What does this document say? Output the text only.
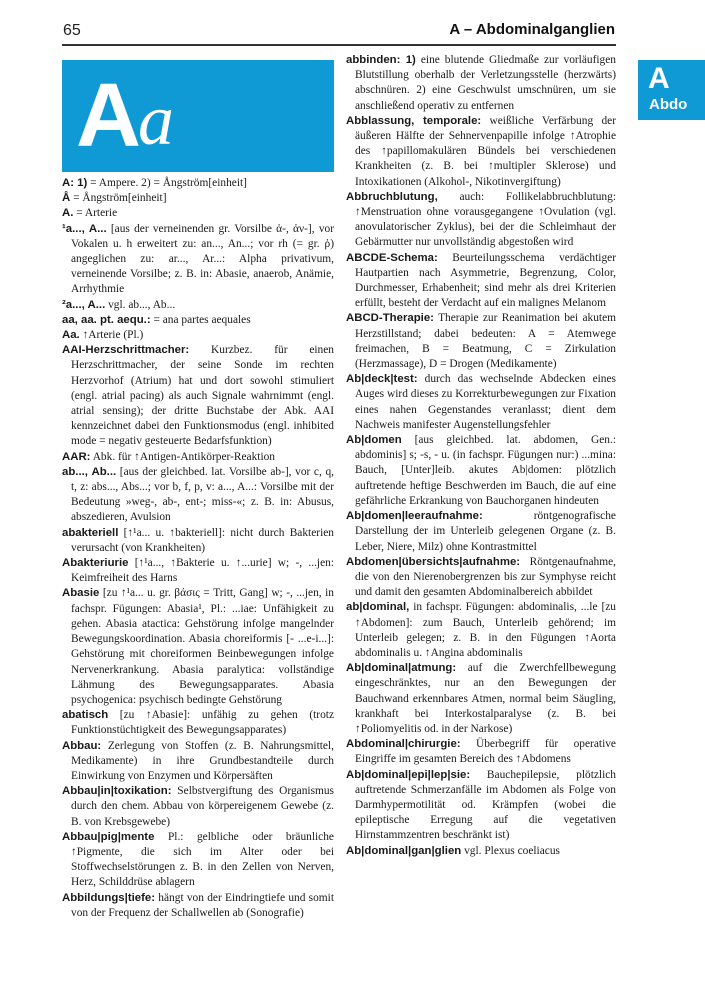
65	A – Abdominalganglien
A
Abdo
A
a

A: 1) = Ampere. 2) = Ångström[einheit]

Å = Ångström[einheit]

A. = Arterie

¹a..., A... [aus der verneinenden gr. Vorsilbe ἀ-, ἀν-], vor Vokalen u. h erweitert zu: an..., An...; vor rh (= gr. ῥ) angeglichen zu: ar..., Ar...: Alpha privativum, verneinende Vorsilbe; z. B. in: Abasie, anaerob, Anämie, Arrhythmie

²a..., A... vgl. ab..., Ab...

aa, aa. pt. aequ.: = ana partes aequales

Aa. ↑Arterie (Pl.)

AAI-Herzschrittmacher: Kurzbez. für einen Herzschrittmacher, der seine Sonde im rechten Herzvorhof (Atrium) hat und dort sowohl stimuliert (engl. atrial pacing) als auch Signale wahrnimmt (engl. atrial sensing); der dritte Buchstabe der Abk. AAI kennzeichnet dabei den Funktionsmodus (engl. inhibited mode = negativ gesteuerte Bedarfsfunktion)

AAR: Abk. für ↑Antigen-Antikörper-Reaktion

ab..., Ab... [aus der gleichbed. lat. Vorsilbe ab-], vor c, q, t, z: abs..., Abs...; vor b, f, p, v: a..., A...: Vorsilbe mit der Bedeutung »weg-, ab-, ent-; miss-«; z. B. in: Abusus, abszedieren, Avulsion

abakteriell [↑¹a... u. ↑bakteriell]: nicht durch Bakterien verursacht (von Krankheiten)

Abakteriurie [↑¹a..., ↑Bakterie u. ↑...urie] w; -, ...jen: Keimfreiheit des Harns

Abasie [zu ↑¹a... u. gr. βάσις = Tritt, Gang] w; -, ...jen, in fachspr. Fügungen: Abasia¹, Pl.: ...iae: Unfähigkeit zu gehen. Abasia atactica: Gehstörung infolge mangelnder Bewegungskoordination. Abasia choreiformis [- ...e-i...]: Gehstörung mit choreiformen Beinbewegungen infolge Nervenerkrankung. Abasia paralytica: vollständige Lähmung des Bewegungsapparates. Abasia psychogenica: psychisch bedingte Gehstörung

abatisch [zu ↑Abasie]: unfähig zu gehen (trotz Funktionstüchtigkeit des Bewegungsapparates)

Abbau: Zerlegung von Stoffen (z. B. Nahrungsmittel, Medikamente) in ihre Grundbestandteile durch Einwirkung von Enzymen und Körpersäften

Abbau|in|toxikation: Selbstvergiftung des Organismus durch den chem. Abbau von körpereigenem Gewebe (z. B. von Krebsgewebe)

Abbau|pig|mente Pl.: gelbliche oder bräunliche ↑Pigmente, die sich im Alter oder bei Stoffwechselstörungen z. B. in den Zellen von Nerven, Herz, Schilddrüse ablagern

Abbildungs|tiefe: hängt von der Eindringtiefe und somit von der Frequenz der Schallwellen ab (Sonografie)

abbinden: 1) eine blutende Gliedmaße zur vorläufigen Blutstillung oberhalb der Verletzungsstelle (herzwärts) abschnüren. 2) eine Geschwulst umschnüren, um sie anschließend operativ zu entfernen

Abblassung, temporale: weißliche Verfärbung der äußeren Hälfte der Sehnervenpapille infolge ↑Atrophie des ↑papillomakulären Bündels bei verschiedenen Krankheiten (z. B. bei ↑multipler Sklerose) und Intoxikationen (Alkohol-, Nikotinvergiftung)

Abbruchblutung, auch: Follikelabbruchblutung: ↑Menstruation ohne vorausgegangene ↑Ovulation (vgl. anovulatorischer Zyklus), bei der die Schleimhaut der Gebärmutter nur unvollständig abgestoßen wird

ABCDE-Schema: Beurteilungsschema verdächtiger Hautpartien nach Asymmetrie, Begrenzung, Color, Durchmesser, Erhabenheit; sind mehr als drei Kriterien erfüllt, besteht der Verdacht auf ein malignes Melanom

ABCD-Therapie: Therapie zur Reanimation bei akutem Herzstillstand; dabei bedeuten: A = Atemwege freimachen, B = Beatmung, C = Zirkulation (Herzmassage), D = Drogen (Medikamente)

Ab|deck|test: durch das wechselnde Abdecken eines Auges wird dieses zu Korrekturbewegungen zur Fixation eines nahen Gegenstandes veranlasst; dient dem Nachweis manifester Augenstellungsfehler

Ab|domen [aus gleichbed. lat. abdomen, Gen.: abdominis] s; -s, - u. (in fachspr. Fügungen nur:) ...mina: Bauch, [Unter]leib. akutes Ab|domen: plötzlich auftretende heftige Beschwerden im Bauch, die auf eine gefährliche Erkrankung von Bauchorganen hindeuten

Ab|domen|leeraufnahme: röntgenografische Darstellung der im Unterleib gelegenen Organe (z. B. Leber, Niere, Milz) ohne Kontrastmittel

Abdomen|übersichts|aufnahme: Röntgenaufnahme, die von den Nierenobergrenzen bis zur Symphyse reicht und damit den gesamten Abdominalbereich abbildet

ab|dominal, in fachspr. Fügungen: abdominalis, ...le [zu ↑Abdomen]: zum Bauch, Unterleib gehörend; im Unterleib gelegen; z. B. in den Fügungen ↑Aorta abdominalis u. ↑Angina abdominalis

Ab|dominal|atmung: auf die Zwerchfellbewegung eingeschränktes, nur an den Bewegungen der Bauchwand erkennbares Atmen, normal beim Säugling, krankhaft bei Interkostalparalyse (z. B. bei ↑Poliomyelitis od. in der Narkose)

Abdominal|chirurgie: Überbegriff für operative Eingriffe im gesamten Bereich des ↑Abdomens

Ab|dominal|epi|lep|sie: Bauchepilepsie, plötzlich auftretende Schmerzanfälle im Abdomen als Folge von Darmhypermotilität od. Krämpfen (wobei die epileptische Erregung auf die vegetativen Hirnstammzentren beschränkt ist)

Ab|dominal|gan|glien vgl. Plexus coeliacus
